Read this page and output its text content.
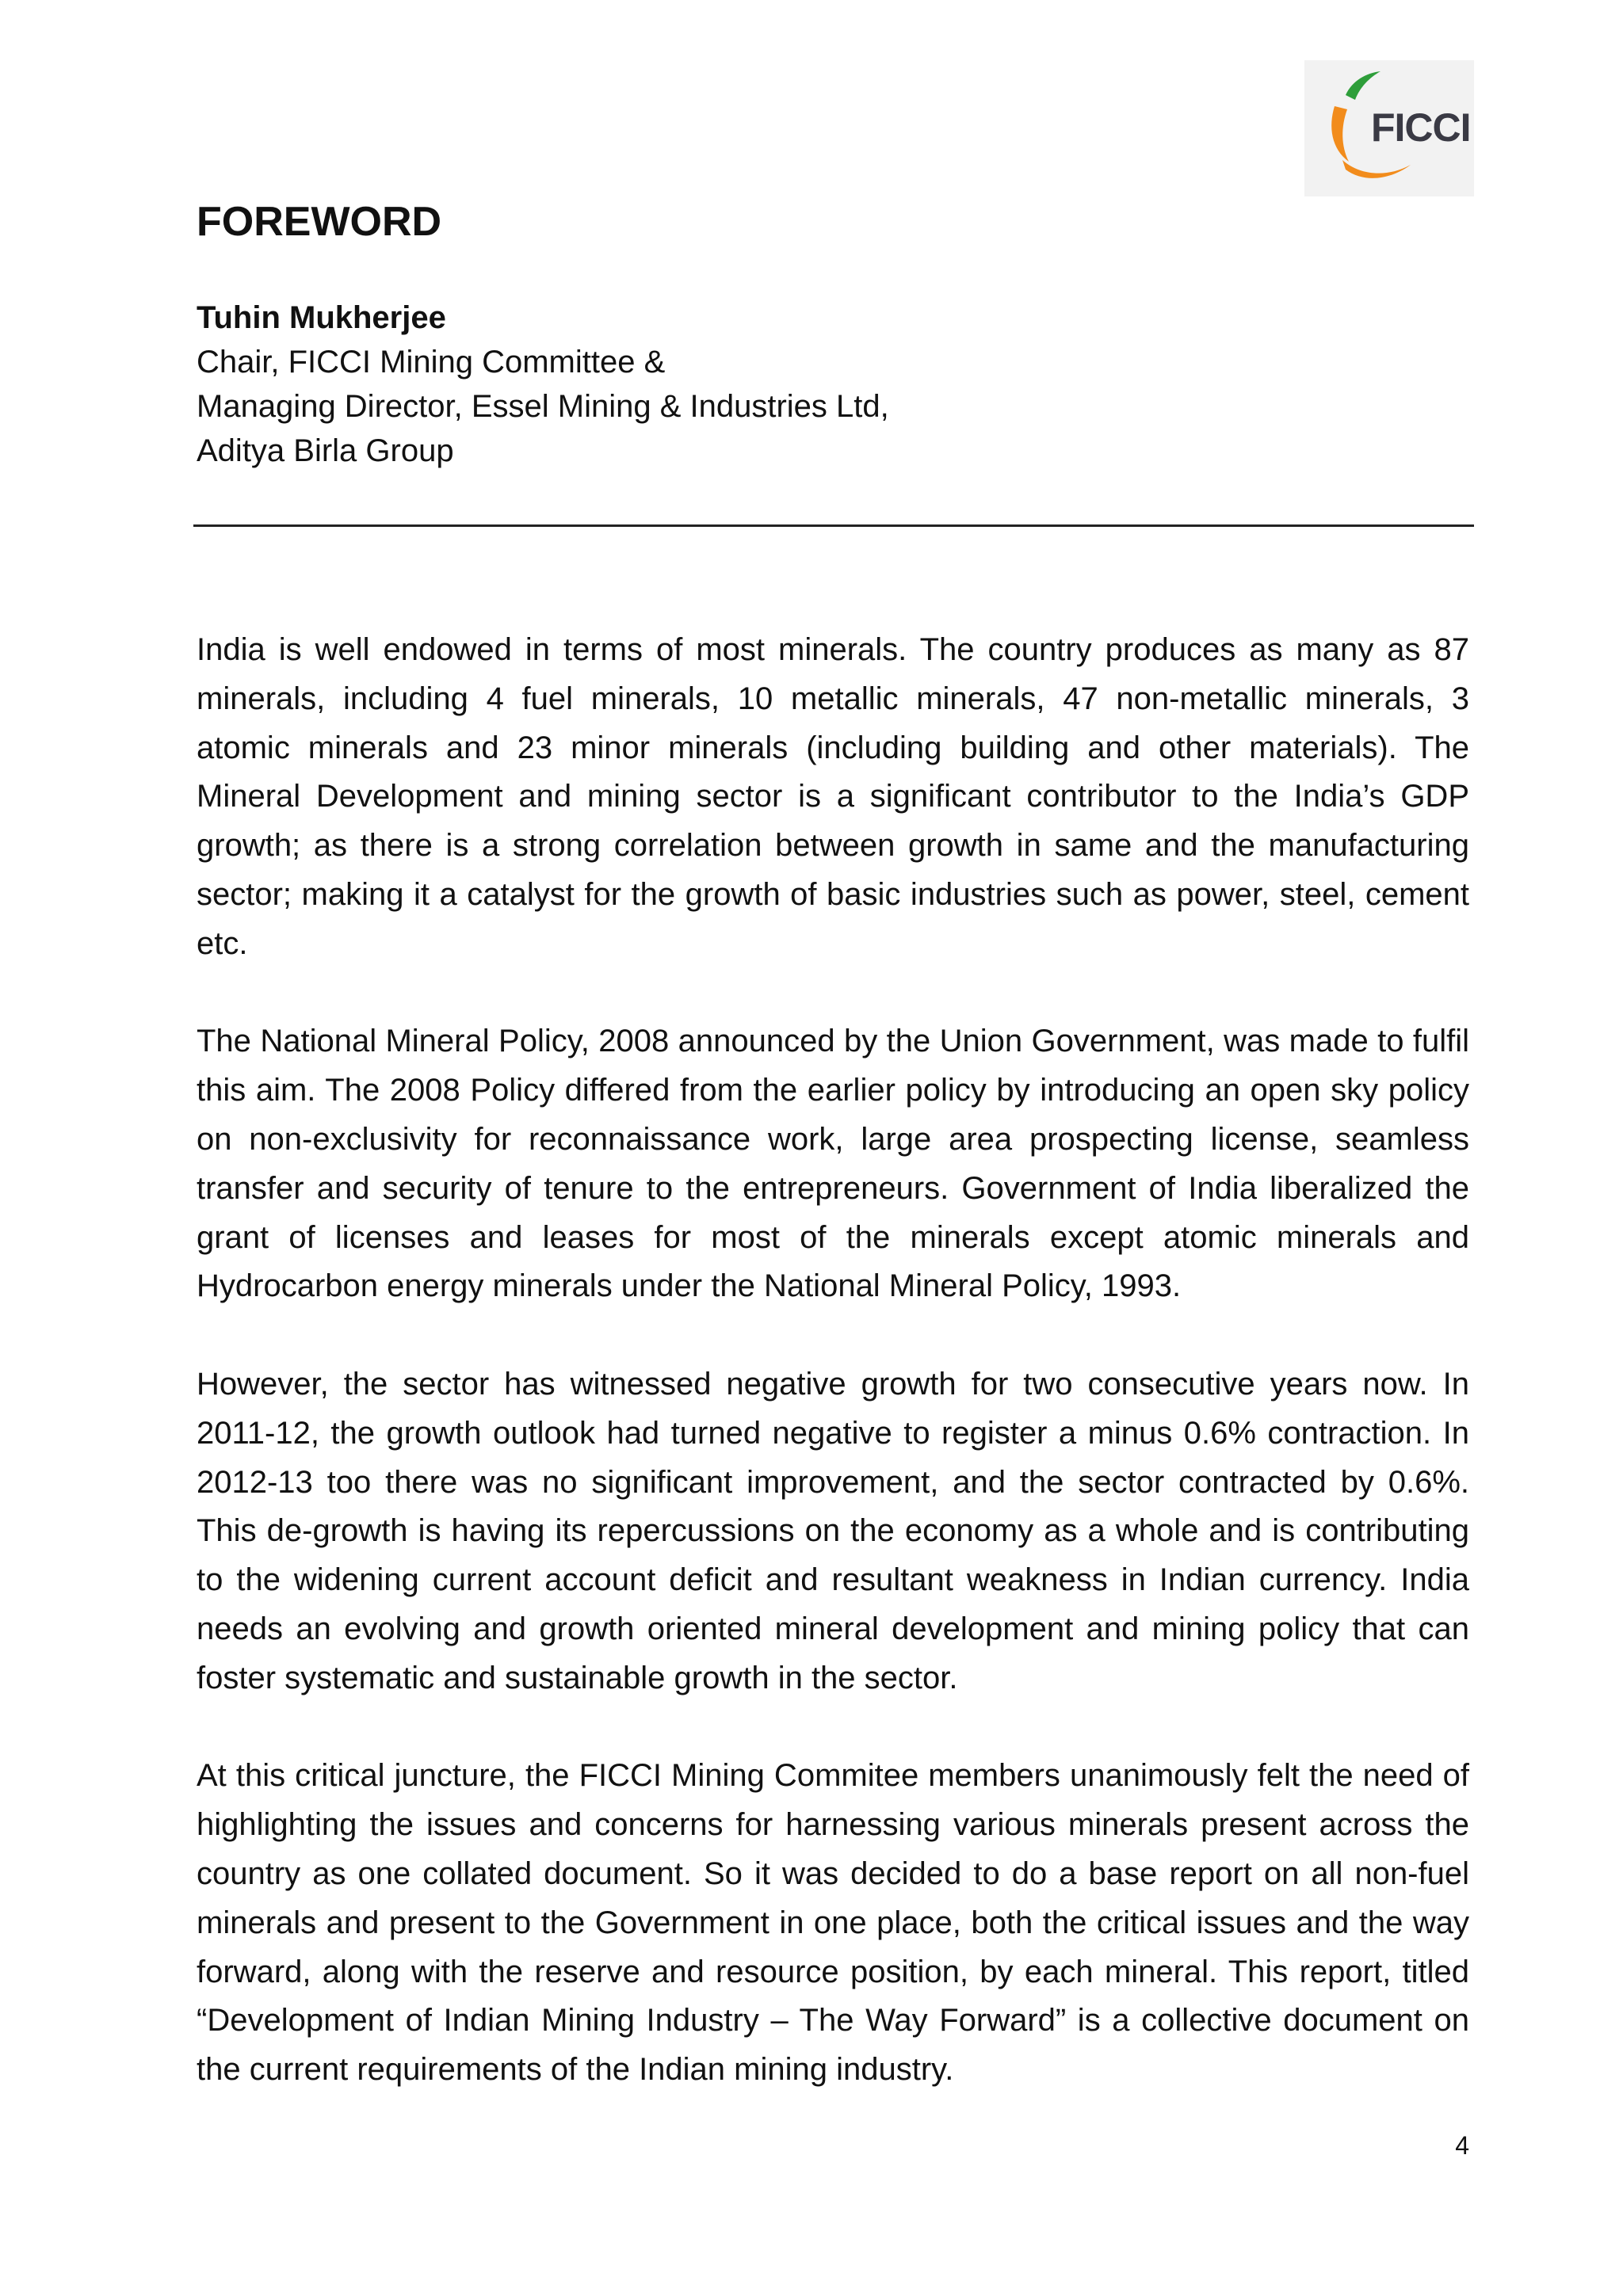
FICCI
FOREWORD
Tuhin Mukherjee
Chair, FICCI Mining Committee &
Managing Director, Essel Mining & Industries Ltd,
Aditya Birla Group

India is well endowed in terms of most minerals. The country produces as many as 87 minerals, including 4 fuel minerals, 10 metallic minerals, 47 non-metallic minerals, 3 atomic minerals and 23 minor minerals (including building and other materials). The Mineral Development and mining sector is a significant contributor to the India’s GDP growth; as there is a strong correlation between growth in same and the manufacturing sector; making it a catalyst for the growth of basic industries such as power, steel, cement etc.

The National Mineral Policy, 2008 announced by the Union Government, was made to fulfil this aim. The 2008 Policy differed from the earlier policy by introducing an open sky policy on non-exclusivity for reconnaissance work, large area prospecting license, seamless transfer and security of tenure to the entrepreneurs. Government of India liberalized the grant of licenses and leases for most of the minerals except atomic minerals and Hydrocarbon energy minerals under the National Mineral Policy, 1993.

However, the sector has witnessed negative growth for two consecutive years now. In 2011-12, the growth outlook had turned negative to register a minus 0.6% contraction. In 2012-13 too there was no significant improvement, and the sector contracted by 0.6%. This de-growth is having its repercussions on the economy as a whole and is contributing to the widening current account deficit and resultant weakness in Indian currency. India needs an evolving and growth oriented mineral development and mining policy that can foster systematic and sustainable growth in the sector.

At this critical juncture, the FICCI Mining Commitee members unanimously felt the need of highlighting the issues and concerns for harnessing various minerals present across the country as one collated document. So it was decided to do a base report on all non-fuel minerals and present to the Government in one place, both the critical issues and the way forward, along with the reserve and resource position, by each mineral. This report, titled “Development of Indian Mining Industry – The Way Forward” is a collective document on the current requirements of the Indian mining industry.

4
